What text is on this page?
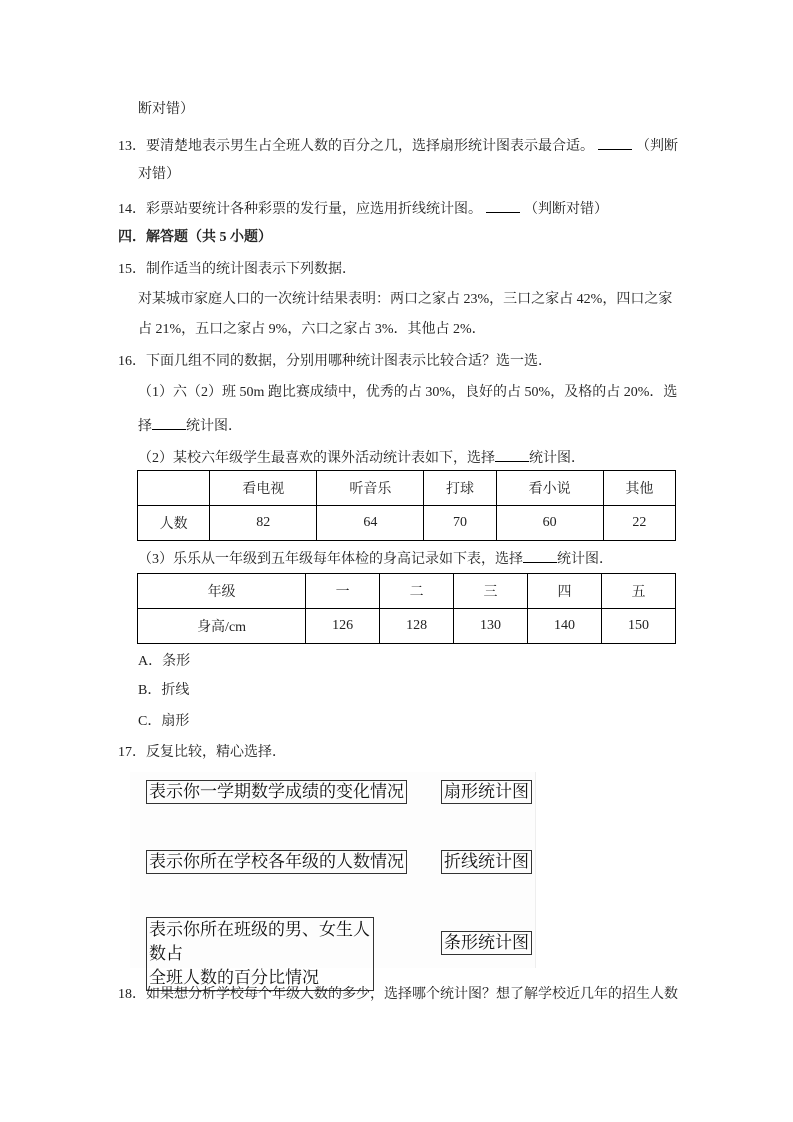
断对错）
13．要清楚地表示男生占全班人数的百分之几，选择扇形统计图表示最合适。	（判断
对错）
14．彩票站要统计各种彩票的发行量，应选用折线统计图。	（判断对错）
四．解答题（共 5 小题）
15．制作适当的统计图表示下列数据．
对某城市家庭人口的一次统计结果表明：两口之家占 23%，三口之家占 42%，四口之家
占 21%，五口之家占 9%，六口之家占 3%．其他占 2%．
16．下面几组不同的数据，分别用哪种统计图表示比较合适？选一选．
（1）六（2）班 50m 跑比赛成绩中，优秀的占 30%，良好的占 50%，及格的占 20%．选
择 统计图．
（2）某校六年级学生最喜欢的课外活动统计表如下，选择 统计图．
	看电视	听音乐	打球	看小说	其他
人数	82	64	70	60	22
（3）乐乐从一年级到五年级每年体检的身高记录如下表，选择 统计图．
年级	一	二	三	四	五
身高/cm	126	128	130	140	150
A．条形
B．折线
C．扇形
17．反复比较，精心选择．
表示你一学期数学成绩的变化情况 扇形统计图
表示你所在学校各年级的人数情况 折线统计图
表示你所在班级的男、女生人数占
全班人数的百分比情况
条形统计图
18．如果想分析学校每个年级人数的多少，选择哪个统计图？想了解学校近几年的招生人数
